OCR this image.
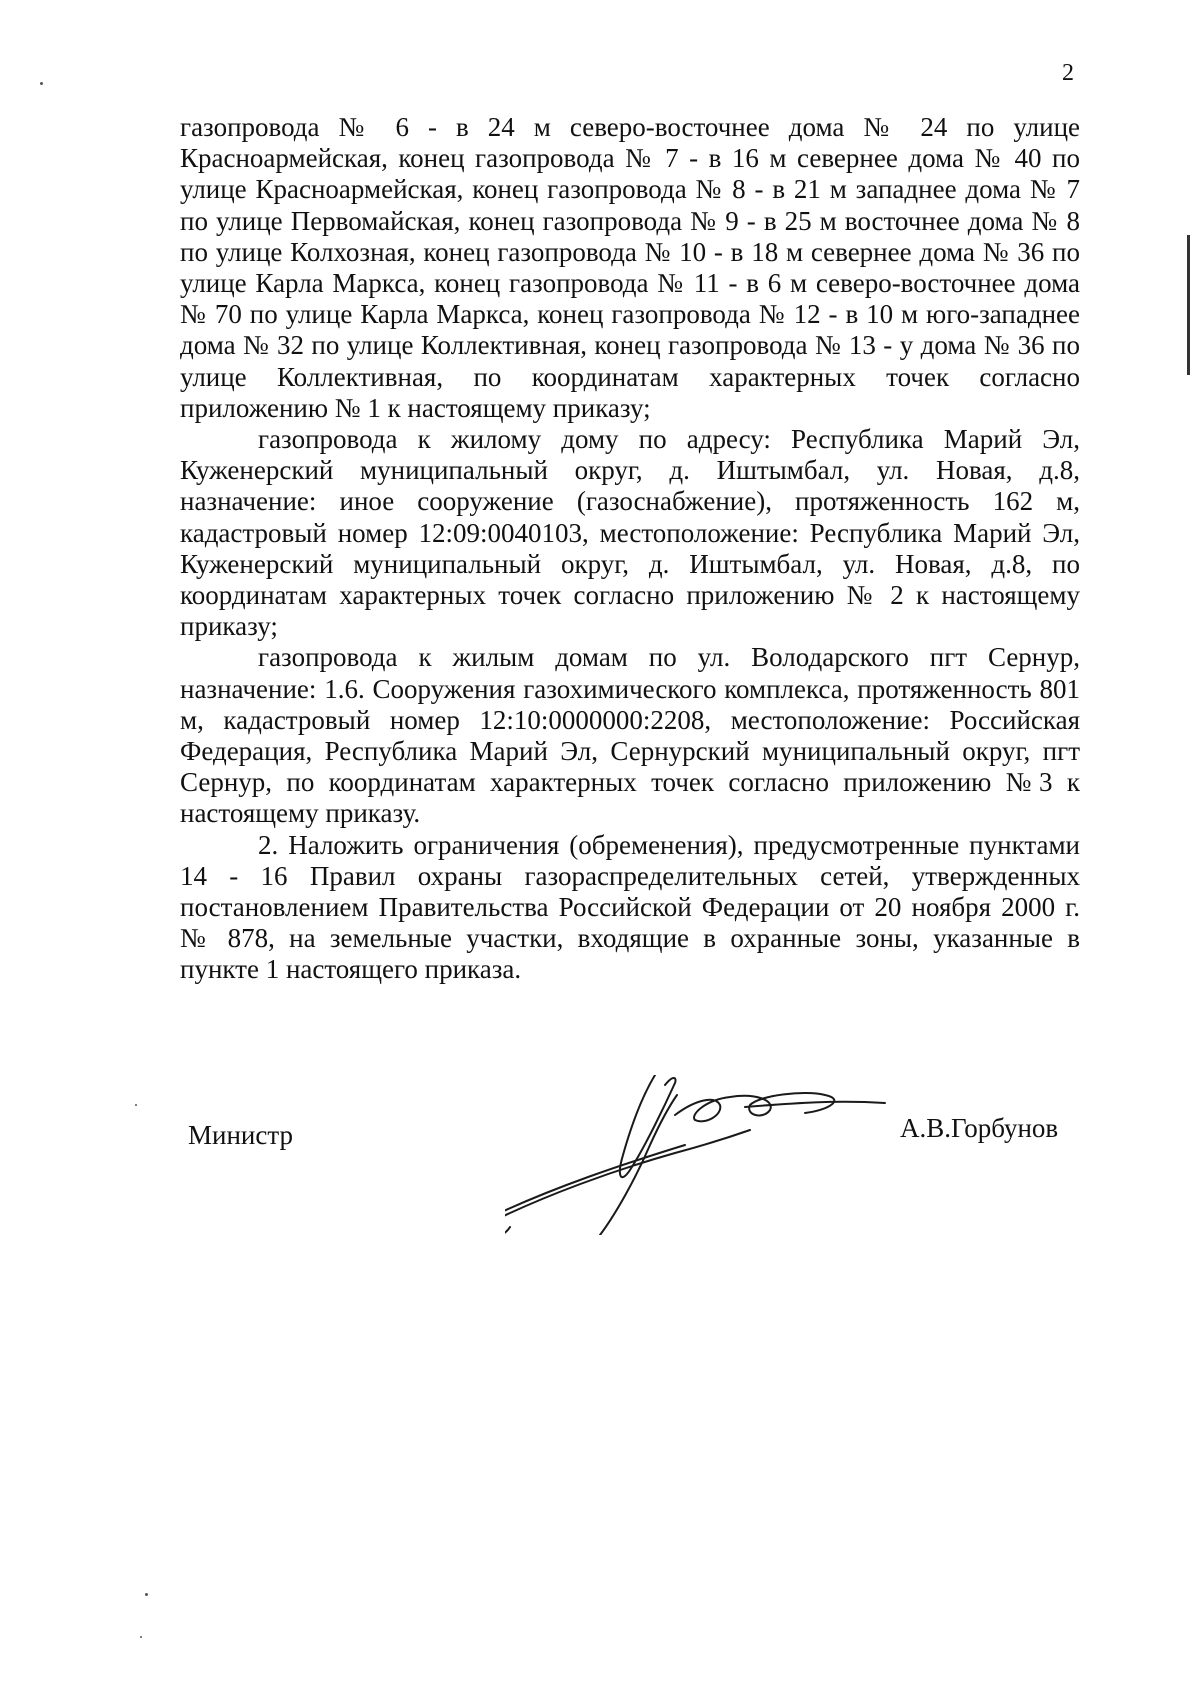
2

газопровода № 6 - в 24 м северо-восточнее дома № 24 по улице Красноармейская, конец газопровода № 7 - в 16 м севернее дома № 40 по улице Красноармейская, конец газопровода № 8 - в 21 м западнее дома № 7 по улице Первомайская, конец газопровода № 9 - в 25 м восточнее дома № 8 по улице Колхозная, конец газопровода № 10 - в 18 м севернее дома № 36 по улице Карла Маркса, конец газопровода № 11 - в 6 м северо-восточнее дома № 70 по улице Карла Маркса, конец газопровода № 12 - в 10 м юго-западнее дома № 32 по улице Коллективная, конец газопровода № 13 - у дома № 36 по улице Коллективная, по координатам характерных точек согласно приложению № 1 к настоящему приказу;

газопровода к жилому дому по адресу: Республика Марий Эл, Куженерский муниципальный округ, д. Иштымбал, ул. Новая, д.8, назначение: иное сооружение (газоснабжение), протяженность 162 м, кадастровый номер 12:09:0040103, местоположение: Республика Марий Эл, Куженерский муниципальный округ, д. Иштымбал, ул. Новая, д.8, по координатам характерных точек согласно приложению № 2 к настоящему приказу;

газопровода к жилым домам по ул. Володарского пгт Сернур, назначение: 1.6. Сооружения газохимического комплекса, протяженность 801 м, кадастровый номер 12:10:0000000:2208, местоположение: Российская Федерация, Республика Марий Эл, Сернурский муниципальный округ, пгт Сернур, по координатам характерных точек согласно приложению №3 к настоящему приказу.

2. Наложить ограничения (обременения), предусмотренные пунктами 14 - 16 Правил охраны газораспределительных сетей, утвержденных постановлением Правительства Российской Федерации от 20 ноября 2000 г. № 878, на земельные участки, входящие в охранные зоны, указанные в пункте 1 настоящего приказа.

Министр	А.В.Горбунов
